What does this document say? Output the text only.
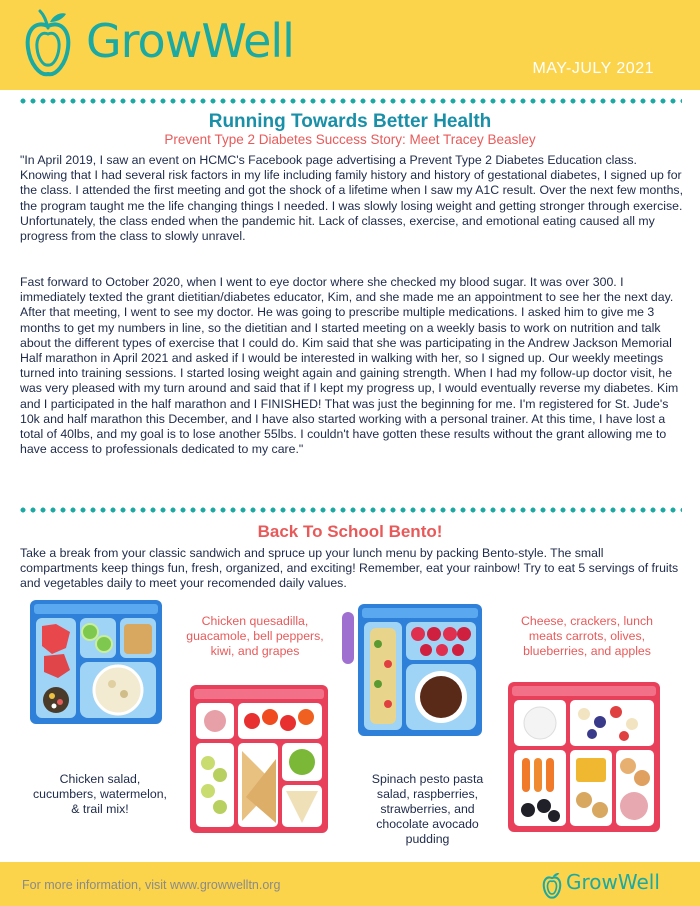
GrowWell
MAY-JULY 2021
Running Towards Better Health
Prevent Type 2 Diabetes Success Story: Meet Tracey Beasley
"In April 2019, I saw an event on HCMC's Facebook page advertising a Prevent Type 2 Diabetes Education class. Knowing that I had several risk factors in my life including family history and history of gestational diabetes, I signed up for the class. I attended the first meeting and got the shock of a lifetime when I saw my A1C result. Over the next few months, the program taught me the life changing things I needed. I was slowly losing weight and getting stronger through exercise. Unfortunately, the class ended when the pandemic hit. Lack of classes, exercise, and emotional eating caused all my progress from the class to slowly unravel.
Fast forward to October 2020, when I went to eye doctor where she checked my blood sugar. It was over 300. I immediately texted the grant dietitian/diabetes educator, Kim, and she made me an appointment to see her the next day. After that meeting, I went to see my doctor. He was going to prescribe multiple medications. I asked him to give me 3 months to get my numbers in line, so the dietitian and I started meeting on a weekly basis to work on nutrition and talk about the different types of exercise that I could do. Kim said that she was participating in the Andrew Jackson Memorial Half marathon in April 2021 and asked if I would be interested in walking with her, so I signed up. Our weekly meetings turned into training sessions. I started losing weight again and gaining strength. When I had my follow-up doctor visit, he was very pleased with my turn around and said that if I kept my progress up, I would eventually reverse my diabetes. Kim and I participated in the half marathon and I FINISHED! That was just the beginning for me. I'm registered for St. Jude's 10k and half marathon this December, and I have also started working with a personal trainer. At this time, I have lost a total of 40lbs, and my goal is to lose another 55lbs. I couldn't have gotten these results without the grant allowing me to have access to professionals dedicated to my care."
Back To School Bento!
Take a break from your classic sandwich and spruce up your lunch menu by packing Bento-style. The small compartments keep things fun, fresh, organized, and exciting! Remember, eat your rainbow! Try to eat 5 servings of fruits and vegetables daily to meet your recomended daily values.
Chicken quesadilla, guacamole, bell peppers, kiwi, and grapes
Cheese, crackers, lunch meats carrots, olives, blueberries, and apples
Chicken salad, cucumbers, watermelon, & trail mix!
Spinach pesto pasta salad, raspberries, strawberries, and chocolate avocado pudding
For more information, visit www.growwelltn.org	GrowWell
